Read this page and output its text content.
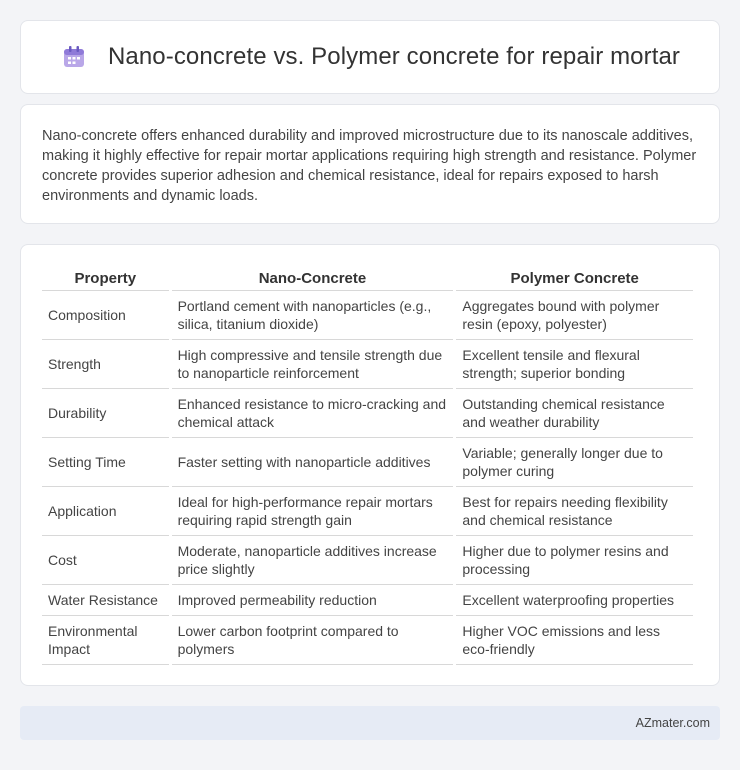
Nano-concrete vs. Polymer concrete for repair mortar

Nano-concrete offers enhanced durability and improved microstructure due to its nanoscale additives, making it highly effective for repair mortar applications requiring high strength and resistance. Polymer concrete provides superior adhesion and chemical resistance, ideal for repairs exposed to harsh environments and dynamic loads.

Property	Nano-Concrete	Polymer Concrete
Composition	Portland cement with nanoparticles (e.g., silica, titanium dioxide)	Aggregates bound with polymer resin (epoxy, polyester)
Strength	High compressive and tensile strength due to nanoparticle reinforcement	Excellent tensile and flexural strength; superior bonding
Durability	Enhanced resistance to micro-cracking and chemical attack	Outstanding chemical resistance and weather durability
Setting Time	Faster setting with nanoparticle additives	Variable; generally longer due to polymer curing
Application	Ideal for high-performance repair mortars requiring rapid strength gain	Best for repairs needing flexibility and chemical resistance
Cost	Moderate, nanoparticle additives increase price slightly	Higher due to polymer resins and processing
Water Resistance	Improved permeability reduction	Excellent waterproofing properties
Environmental Impact	Lower carbon footprint compared to polymers	Higher VOC emissions and less eco-friendly
AZmater.com
